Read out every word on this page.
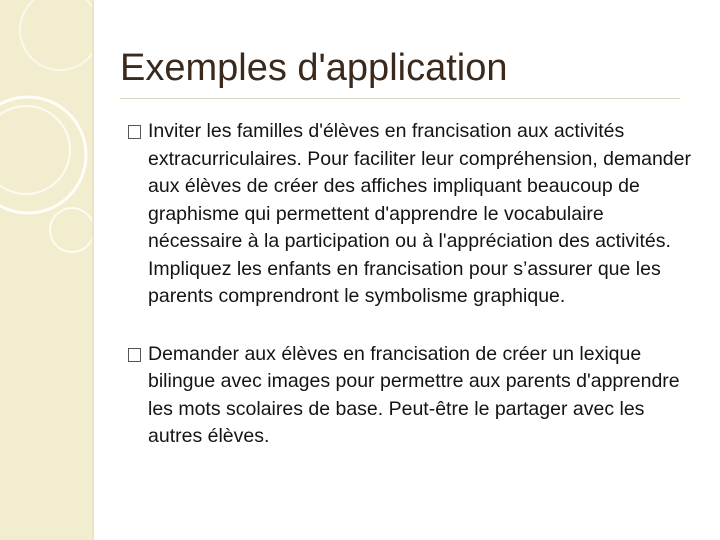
Exemples d'application
Inviter les familles d'élèves en francisation aux activités extracurriculaires. Pour faciliter leur compréhension, demander aux élèves de créer des affiches impliquant beaucoup de graphisme qui permettent d'apprendre le vocabulaire nécessaire à la participation ou à l'appréciation des activités. Impliquez les enfants en francisation pour s’assurer que les parents comprendront le symbolisme graphique.
Demander aux élèves en francisation de créer un lexique bilingue avec images pour permettre aux parents d'apprendre les mots scolaires de base. Peut-être le partager avec les autres élèves.
